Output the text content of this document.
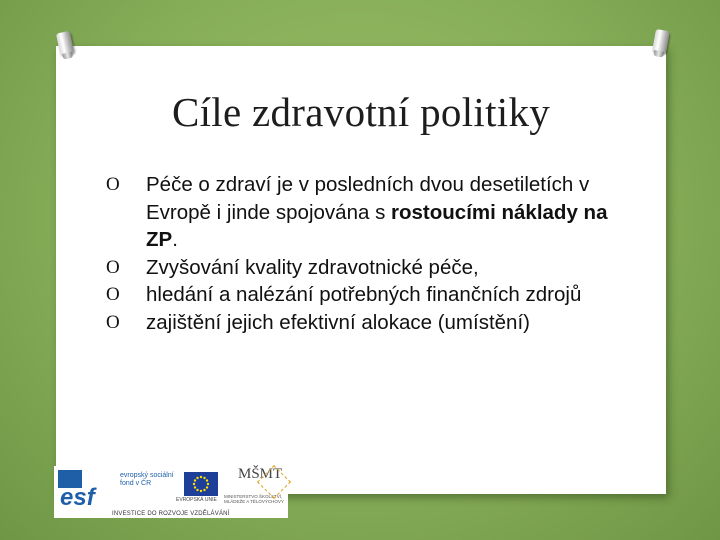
Cíle zdravotní politiky
O Péče o zdraví je v posledních dvou desetiletích v Evropě i jinde spojována s rostoucími náklady na ZP.
O Zvyšování kvality zdravotnické péče,
O hledání a nalézání potřebných finančních zdrojů
O zajištění jejich efektivní alokace (umístění)
esf
evropský sociální fond v ČR
EVROPSKÁ UNIE
MŠMT
MINISTERSTVO ŠKOLSTVÍ, MLÁDEŽE A TĚLOVÝCHOVY
INVESTICE DO ROZVOJE VZDĚLÁVÁNÍ
